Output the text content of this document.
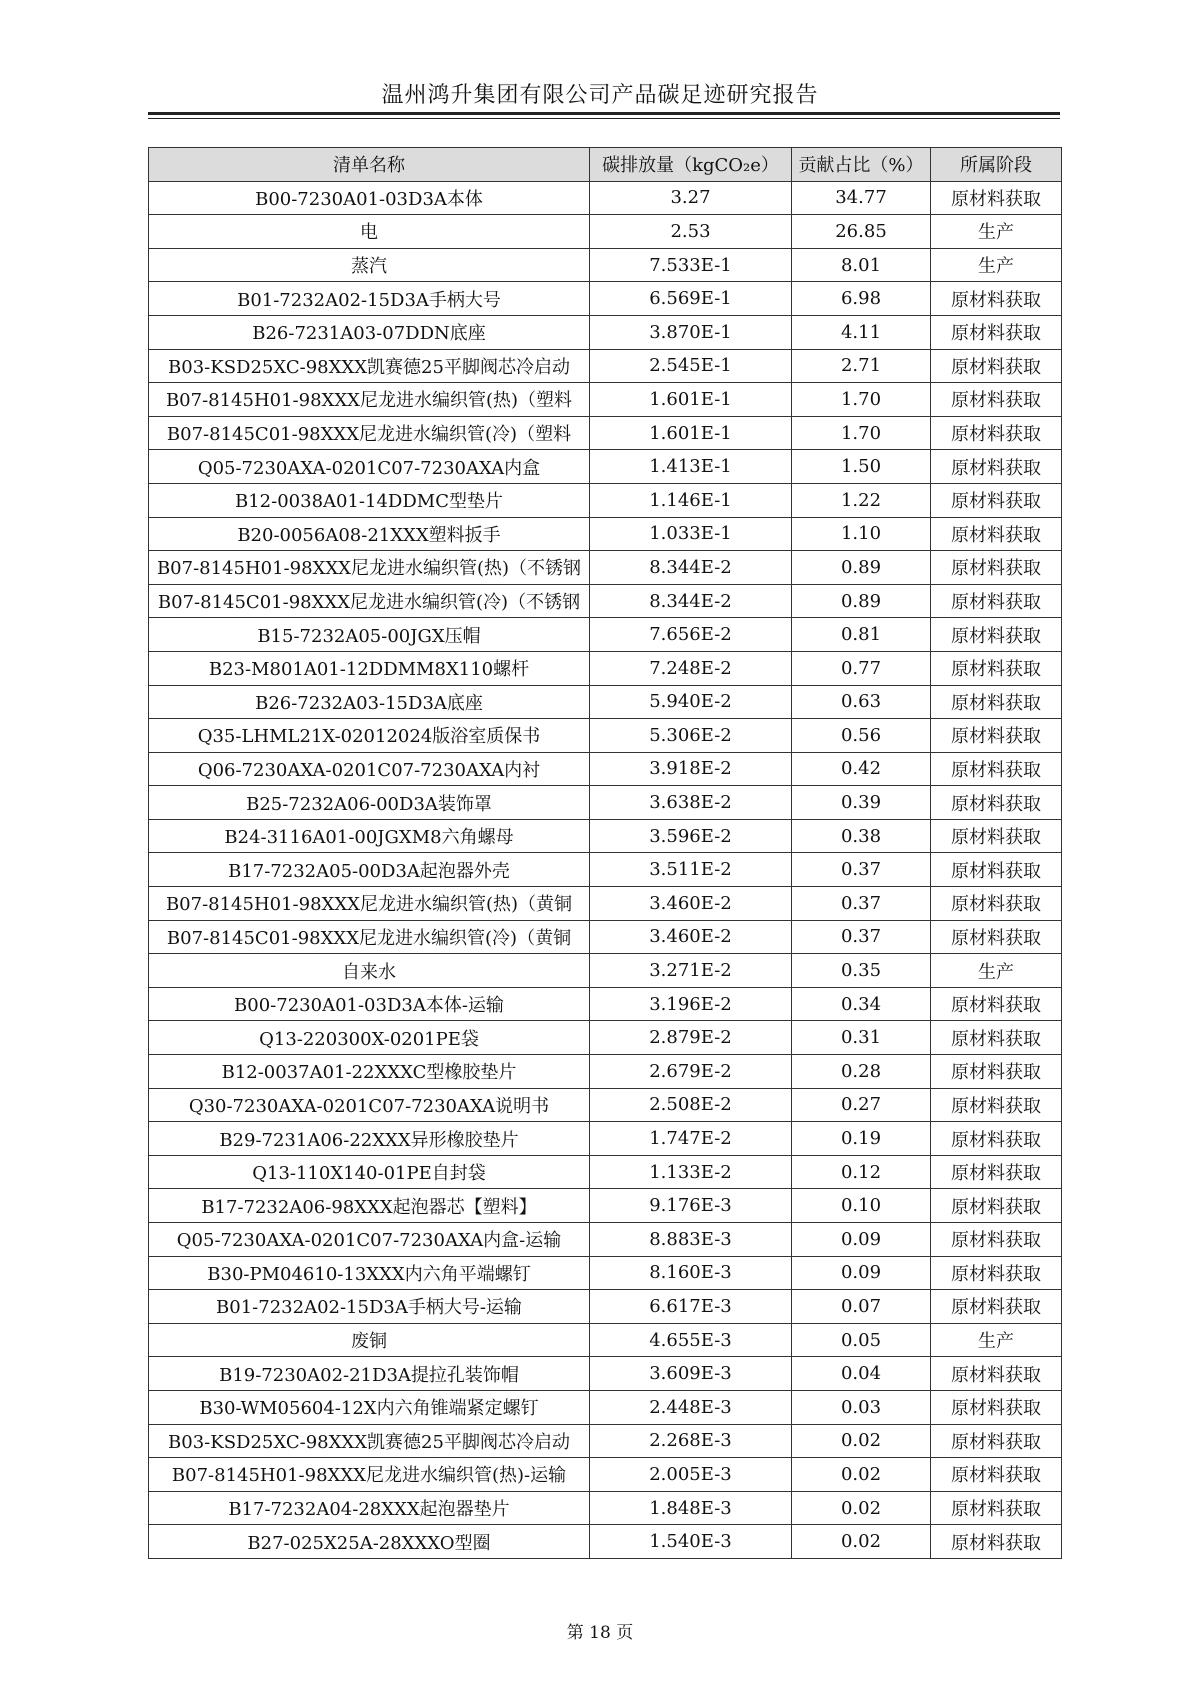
温州鸿升集团有限公司产品碳足迹研究报告
清单名称	碳排放量（kgCO₂e）	贡献占比（%）	所属阶段
B00-7230A01-03D3A本体	3.27	34.77	原材料获取
电	2.53	26.85	生产
蒸汽	7.533E-1	8.01	生产
B01-7232A02-15D3A手柄大号	6.569E-1	6.98	原材料获取
B26-7231A03-07DDN底座	3.870E-1	4.11	原材料获取
B03-KSD25XC-98XXX凯赛德25平脚阀芯冷启动	2.545E-1	2.71	原材料获取
B07-8145H01-98XXX尼龙进水编织管(热)（塑料	1.601E-1	1.70	原材料获取
B07-8145C01-98XXX尼龙进水编织管(冷)（塑料	1.601E-1	1.70	原材料获取
Q05-7230AXA-0201C07-7230AXA内盒	1.413E-1	1.50	原材料获取
B12-0038A01-14DDMC型垫片	1.146E-1	1.22	原材料获取
B20-0056A08-21XXX塑料扳手	1.033E-1	1.10	原材料获取
B07-8145H01-98XXX尼龙进水编织管(热)（不锈钢	8.344E-2	0.89	原材料获取
B07-8145C01-98XXX尼龙进水编织管(冷)（不锈钢	8.344E-2	0.89	原材料获取
B15-7232A05-00JGX压帽	7.656E-2	0.81	原材料获取
B23-M801A01-12DDMM8X110螺杆	7.248E-2	0.77	原材料获取
B26-7232A03-15D3A底座	5.940E-2	0.63	原材料获取
Q35-LHML21X-02012024版浴室质保书	5.306E-2	0.56	原材料获取
Q06-7230AXA-0201C07-7230AXA内衬	3.918E-2	0.42	原材料获取
B25-7232A06-00D3A装饰罩	3.638E-2	0.39	原材料获取
B24-3116A01-00JGXM8六角螺母	3.596E-2	0.38	原材料获取
B17-7232A05-00D3A起泡器外壳	3.511E-2	0.37	原材料获取
B07-8145H01-98XXX尼龙进水编织管(热)（黄铜	3.460E-2	0.37	原材料获取
B07-8145C01-98XXX尼龙进水编织管(冷)（黄铜	3.460E-2	0.37	原材料获取
自来水	3.271E-2	0.35	生产
B00-7230A01-03D3A本体-运输	3.196E-2	0.34	原材料获取
Q13-220300X-0201PE袋	2.879E-2	0.31	原材料获取
B12-0037A01-22XXXC型橡胶垫片	2.679E-2	0.28	原材料获取
Q30-7230AXA-0201C07-7230AXA说明书	2.508E-2	0.27	原材料获取
B29-7231A06-22XXX异形橡胶垫片	1.747E-2	0.19	原材料获取
Q13-110X140-01PE自封袋	1.133E-2	0.12	原材料获取
B17-7232A06-98XXX起泡器芯【塑料】	9.176E-3	0.10	原材料获取
Q05-7230AXA-0201C07-7230AXA内盒-运输	8.883E-3	0.09	原材料获取
B30-PM04610-13XXX内六角平端螺钉	8.160E-3	0.09	原材料获取
B01-7232A02-15D3A手柄大号-运输	6.617E-3	0.07	原材料获取
废铜	4.655E-3	0.05	生产
B19-7230A02-21D3A提拉孔装饰帽	3.609E-3	0.04	原材料获取
B30-WM05604-12X内六角锥端紧定螺钉	2.448E-3	0.03	原材料获取
B03-KSD25XC-98XXX凯赛德25平脚阀芯冷启动	2.268E-3	0.02	原材料获取
B07-8145H01-98XXX尼龙进水编织管(热)-运输	2.005E-3	0.02	原材料获取
B17-7232A04-28XXX起泡器垫片	1.848E-3	0.02	原材料获取
B27-025X25A-28XXXO型圈	1.540E-3	0.02	原材料获取
第 18 页
